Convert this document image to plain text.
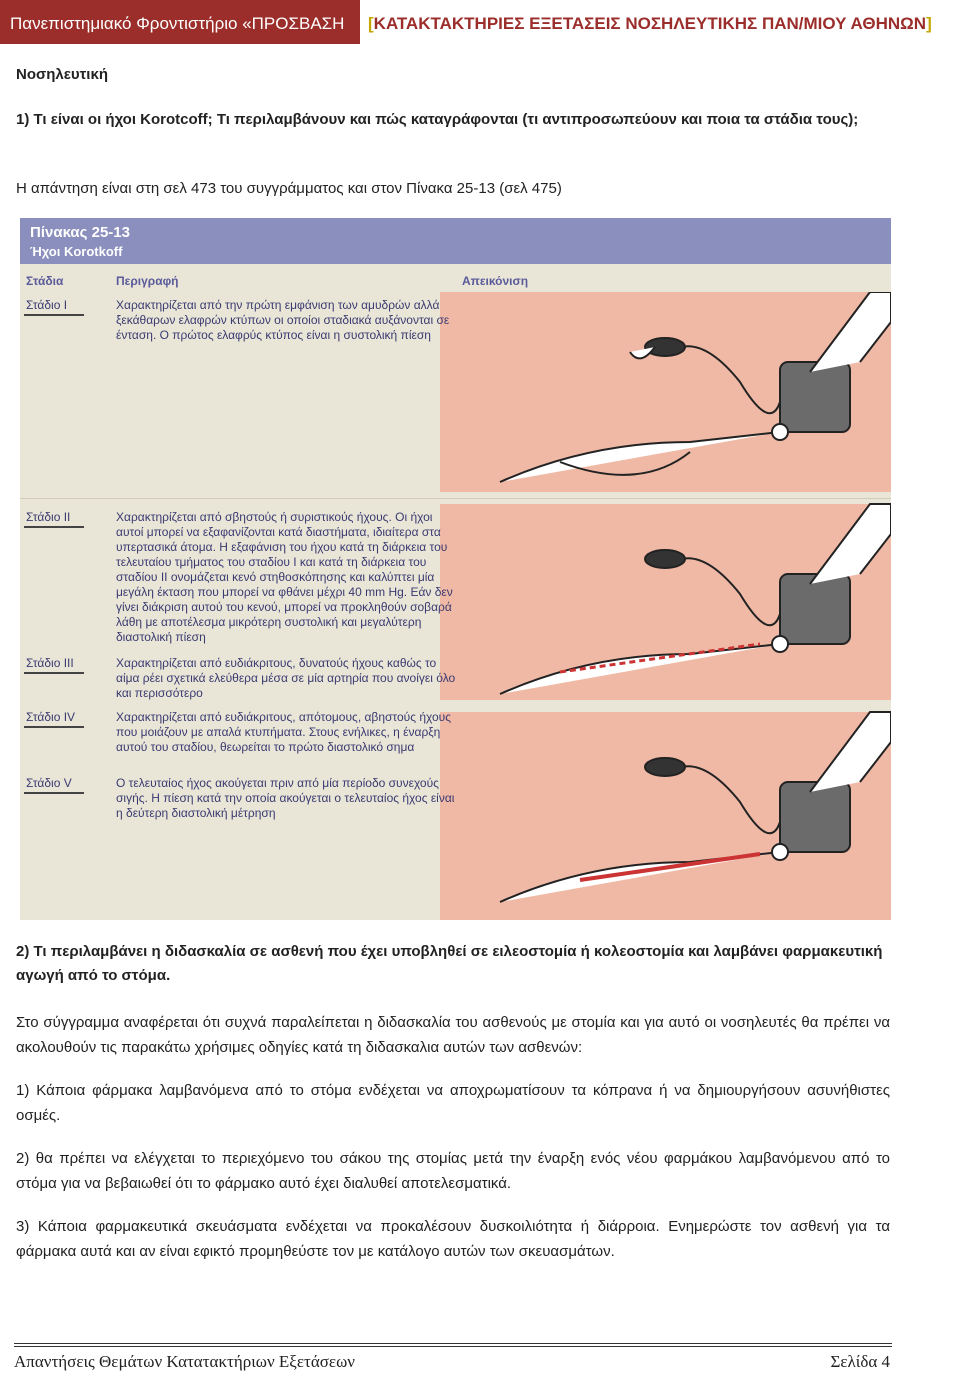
Πανεπιστημιακό Φροντιστήριο «ΠΡΟΣΒΑΣΗ	[ΚΑΤΑΚΤΑΚΤΗΡΙΕΣ ΕΞΕΤΑΣΕΙΣ ΝΟΣΗΛΕΥΤΙΚΗΣ ΠΑΝ/ΜΙΟΥ ΑΘΗΝΩΝ]
Νοσηλευτική
1) Τι είναι οι ήχοι Korotcoff; Τι περιλαμβάνουν και πώς καταγράφονται (τι αντιπροσωπεύουν και ποια τα στάδια τους);
Η απάντηση είναι στη σελ 473 του συγγράμματος και στον Πίνακα 25-13 (σελ 475)
Πίνακας 25-13
Ήχοι Korotkoff
Στάδια	Περιγραφή	Απεικόνιση
Στάδιο I	Χαρακτηρίζεται από την πρώτη εμφάνιση των αμυδρών αλλά ξεκάθαρων ελαφρών κτύπων οι οποίοι σταδιακά αυξάνονται σε ένταση. Ο πρώτος ελαφρύς κτύπος είναι η συστολική πίεση
Στάδιο II	Χαρακτηρίζεται από σβηστούς ή συριστικούς ήχους. Οι ήχοι αυτοί μπορεί να εξαφανίζονται κατά διαστήματα, ιδιαίτερα στα υπερτασικά άτομα. Η εξαφάνιση του ήχου κατά τη διάρκεια του τελευταίου τμήματος του σταδίου I και κατά τη διάρκεια του σταδίου II ονομάζεται κενό στηθοσκόπησης και καλύπτει μία μεγάλη έκταση που μπορεί να φθάνει μέχρι 40 mm Hg. Εάν δεν γίνει διάκριση αυτού του κενού, μπορεί να προκληθούν σοβαρά λάθη με αποτέλεσμα μικρότερη συστολική και μεγαλύτερη διαστολική πίεση
Στάδιο III	Χαρακτηρίζεται από ευδιάκριτους, δυνατούς ήχους καθώς το αίμα ρέει σχετικά ελεύθερα μέσα σε μία αρτηρία που ανοίγει όλο και περισσότερο
Στάδιο IV	Χαρακτηρίζεται από ευδιάκριτους, απότομους, αβηστούς ήχους που μοιάζουν με απαλά κτυπήματα. Στους ενήλικες, η έναρξη αυτού του σταδίου, θεωρείται το πρώτο διαστολικό σημα
Στάδιο V	Ο τελευταίος ήχος ακούγεται πριν από μία περίοδο συνεχούς σιγής. Η πίεση κατά την οποία ακούγεται ο τελευταίος ήχος είναι η δεύτερη διαστολική μέτρηση
2) Τι περιλαμβάνει η διδασκαλία σε ασθενή που έχει υποβληθεί σε ειλεοστομία ή κολεοστομία και λαμβάνει φαρμακευτική αγωγή από το στόμα.
Στο σύγγραμμα αναφέρεται ότι συχνά παραλείπεται η διδασκαλία του ασθενούς με στομία και για αυτό οι νοσηλευτές θα πρέπει να ακολουθούν τις παρακάτω χρήσιμες οδηγίες κατά τη διδασκαλια αυτών των ασθενών:
1) Κάποια φάρμακα λαμβανόμενα από το στόμα ενδέχεται να αποχρωματίσουν τα κόπρανα ή να δημιουργήσουν ασυνήθιστες οσμές.
2) θα πρέπει να ελέγχεται το περιεχόμενο του σάκου της στομίας μετά την έναρξη ενός νέου φαρμάκου λαμβανόμενου από το στόμα για να βεβαιωθεί ότι το φάρμακο αυτό έχει διαλυθεί αποτελεσματικά.
3) Κάποια φαρμακευτικά σκευάσματα ενδέχεται να προκαλέσουν δυσκοιλιότητα ή διάρροια. Ενημερώστε τον ασθενή για τα φάρμακα αυτά και αν είναι εφικτό προμηθεύστε τον με κατάλογο αυτών των σκευασμάτων.
Απαντήσεις Θεμάτων Κατατακτήριων Εξετάσεων	Σελίδα 4
